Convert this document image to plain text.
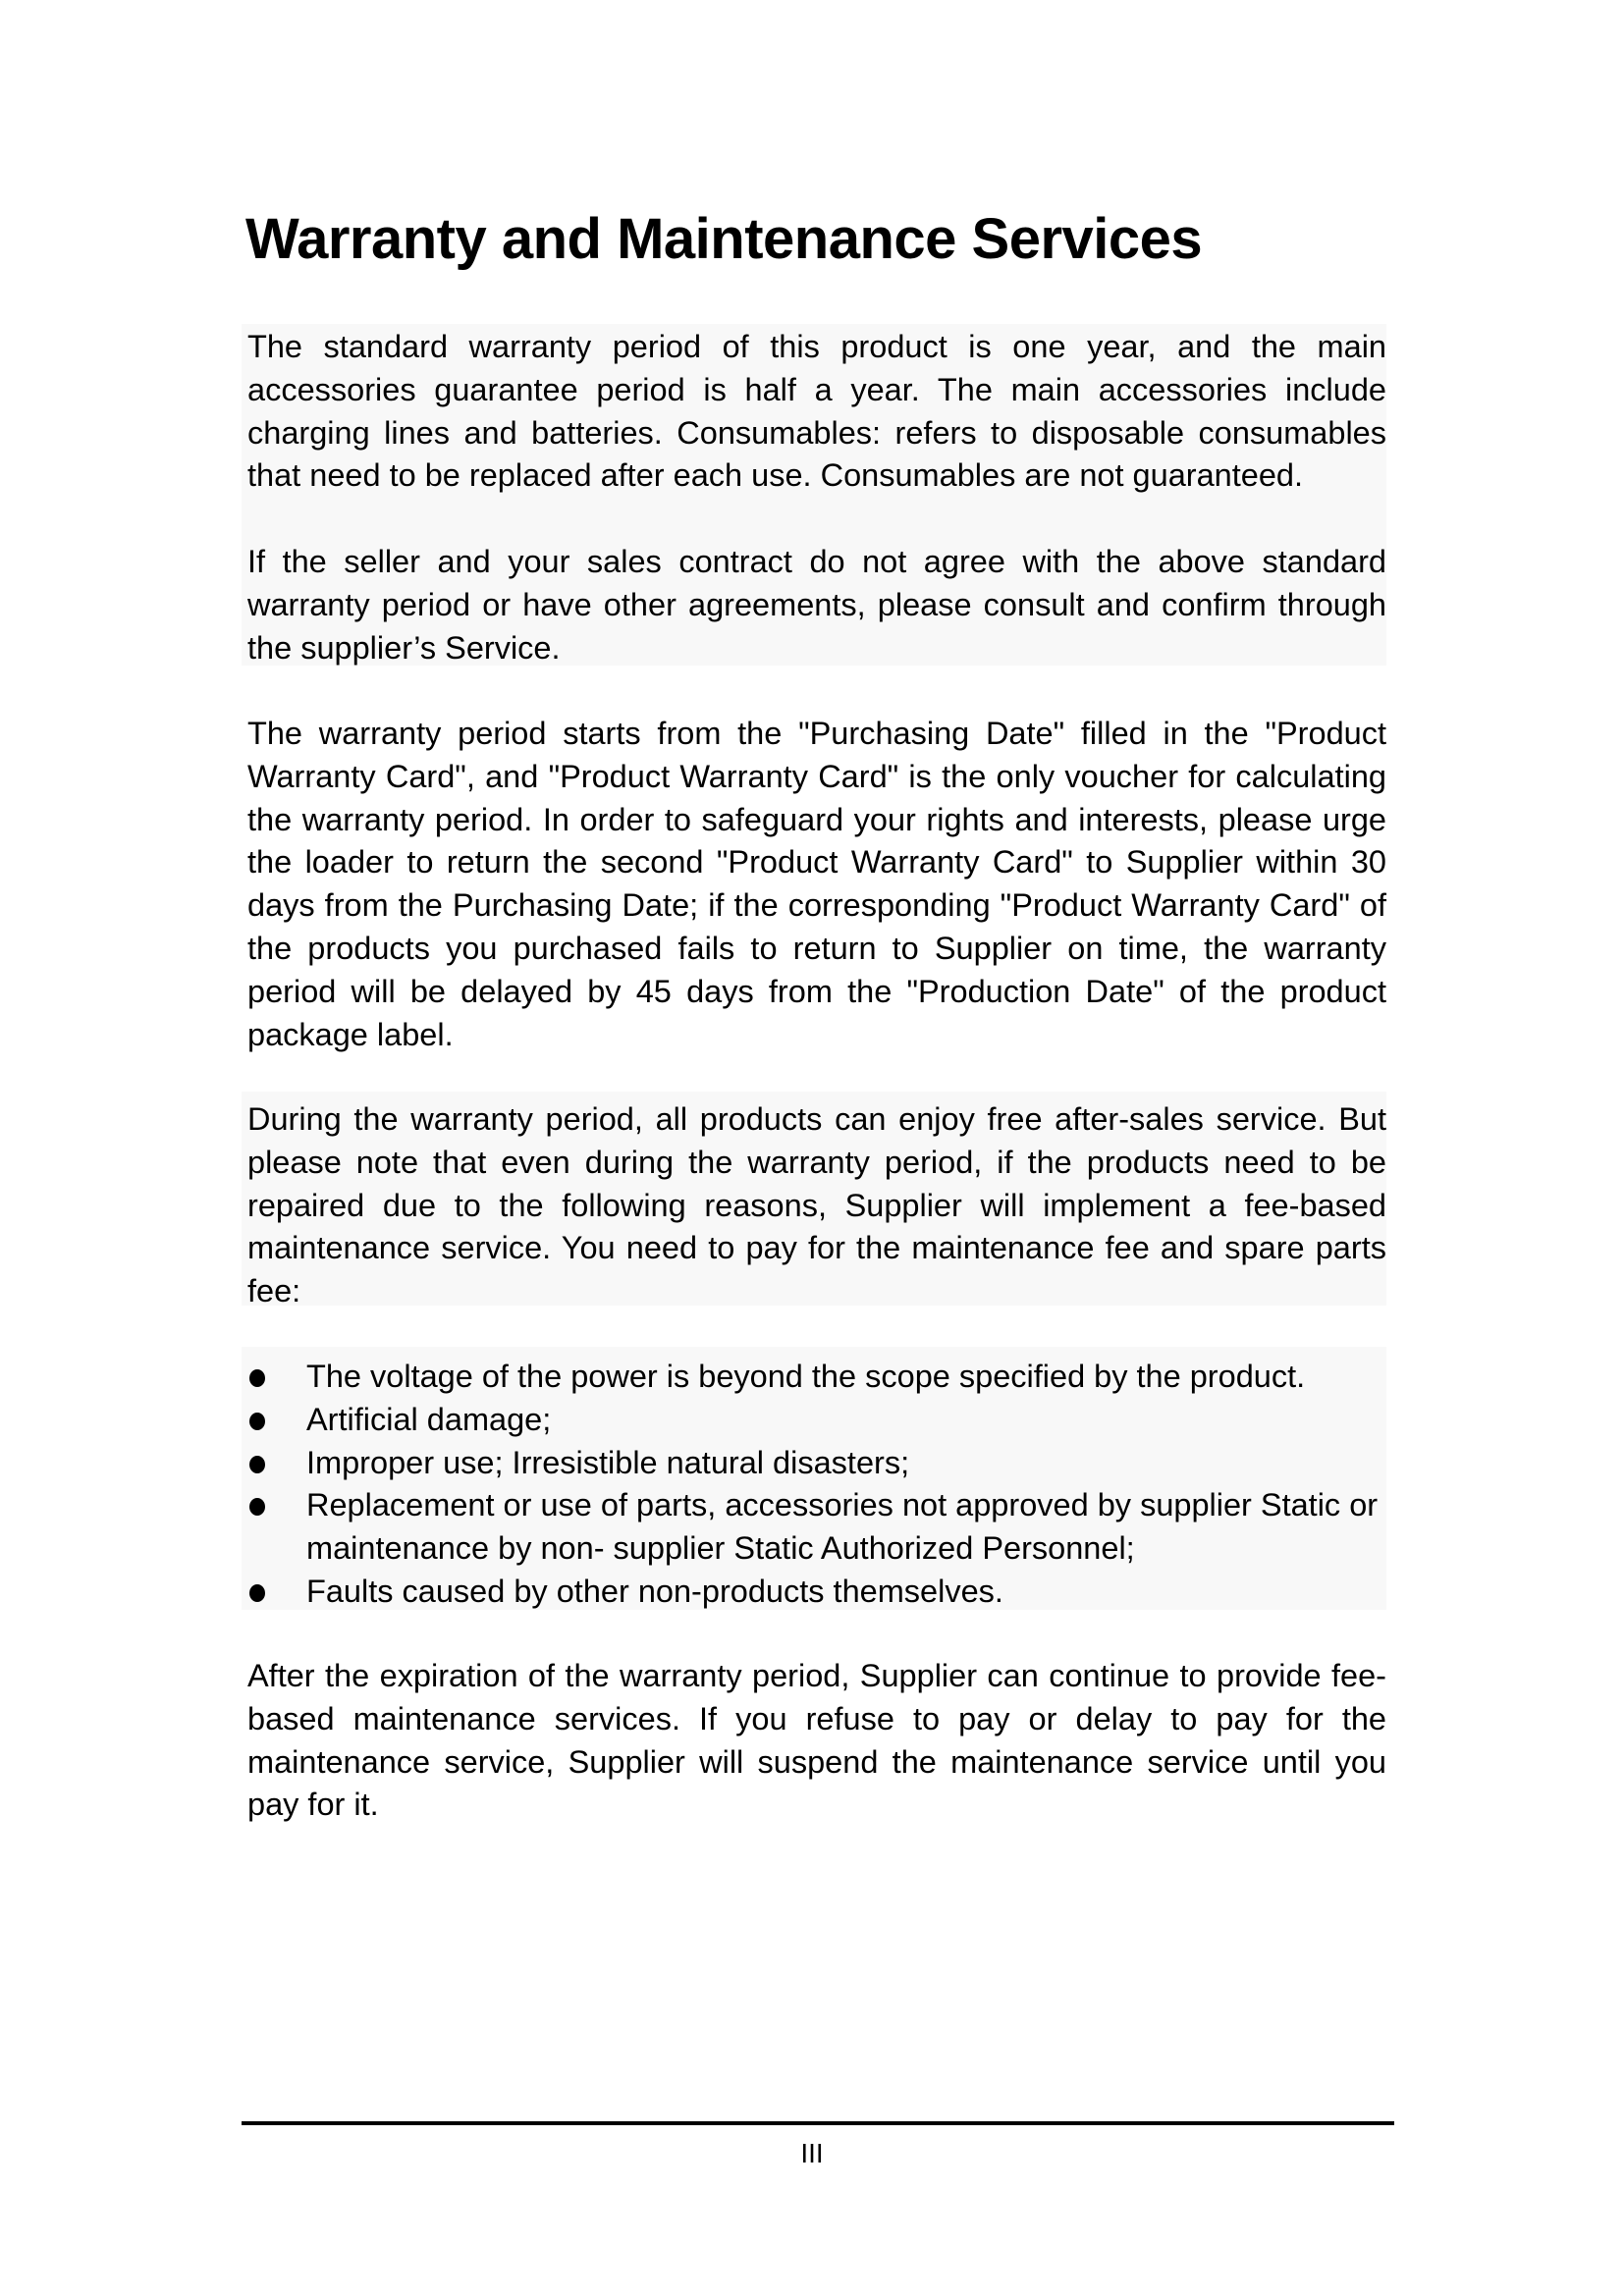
Warranty and Maintenance Services

The standard warranty period of this product is one year, and the main accessories guarantee period is half a year. The main accessories include charging lines and batteries. Consumables: refers to disposable consumables that need to be replaced after each use. Consumables are not guaranteed.

If the seller and your sales contract do not agree with the above standard warranty period or have other agreements, please consult and confirm through the supplier’s Service.

The warranty period starts from the "Purchasing Date" filled in the "Product Warranty Card", and "Product Warranty Card" is the only voucher for calculating the warranty period. In order to safeguard your rights and interests, please urge the loader to return the second "Product Warranty Card" to Supplier within 30 days from the Purchasing Date; if the corresponding "Product Warranty Card" of the products you purchased fails to return to Supplier on time, the warranty period will be delayed by 45 days from the "Production Date" of the product package label.

During the warranty period, all products can enjoy free after-sales service. But please note that even during the warranty period, if the products need to be repaired due to the following reasons, Supplier will implement a fee-based maintenance service. You need to pay for the maintenance fee and spare parts fee:

The voltage of the power is beyond the scope specified by the product.
Artificial damage;
Improper use; Irresistible natural disasters;
Replacement or use of parts, accessories not approved by supplier Static or maintenance by non- supplier Static Authorized Personnel;
Faults caused by other non-products themselves.

After the expiration of the warranty period, Supplier can continue to provide fee-based maintenance services. If you refuse to pay or delay to pay for the maintenance service, Supplier will suspend the maintenance service until you pay for it.

III
